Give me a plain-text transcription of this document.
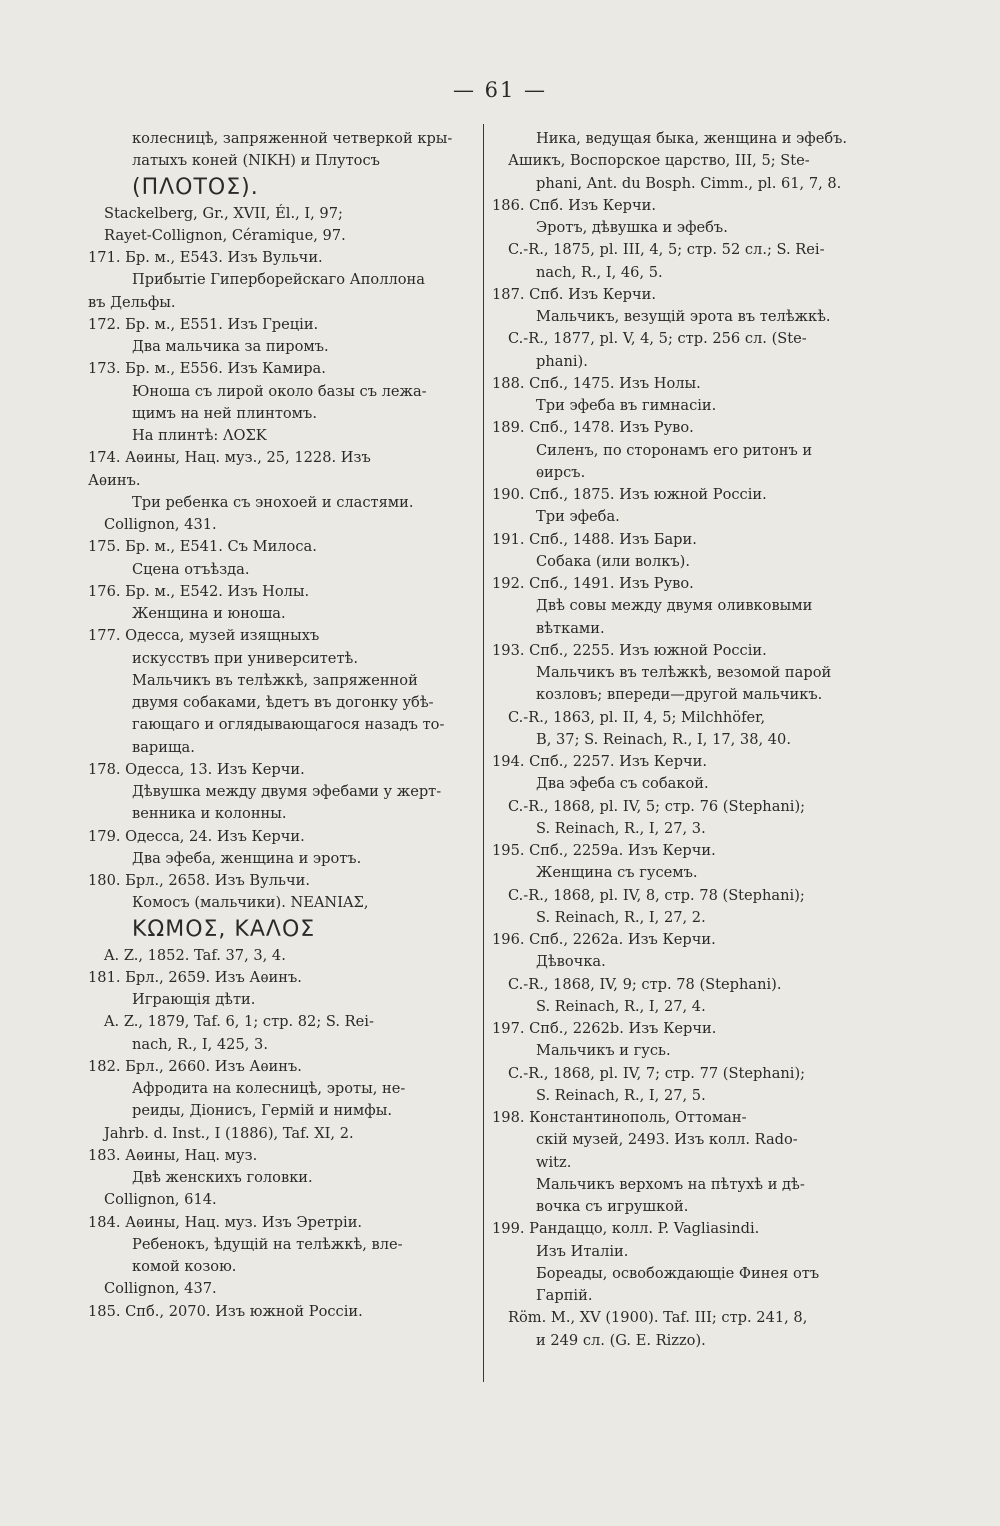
— 61 —
колесницѣ, запряженной четверкой кры-
латыхъ коней (ΝΙΚΗ) и Плутосъ
(ΠΛΟΤΟΣ).
Stackelberg, Gr., XVII, Él., I, 97;
Rayet-Collignon, Céramique, 97.
171. Бр. м., Е543. Изъ Вульчи.
Прибытіе Гиперборейскаго Аполлона
въ Дельфы.
172. Бр. м., Е551. Изъ Греціи.
Два мальчика за пиромъ.
173. Бр. м., Е556. Изъ Камира.
Юноша съ лирой около базы съ лежа-
щимъ на ней плинтомъ.
На плинтѣ: ΛΟΣΚ
174. Аѳины, Нац. муз., 25, 1228. Изъ
Аѳинъ.
Три ребенка съ энохоей и сластями.
Collignon, 431.
175. Бр. м., Е541. Съ Милоса.
Сцена отъѣзда.
176. Бр. м., Е542. Изъ Нолы.
Женщина и юноша.
177. Одесса, музей изящныхъ
искусствъ при университетѣ.
Мальчикъ въ телѣжкѣ, запряженной
двумя собаками, ѣдетъ въ догонку убѣ-
гающаго и оглядывающагося назадъ то-
варища.
178. Одесса, 13. Изъ Керчи.
Дѣвушка между двумя эфебами у жерт-
венника и колонны.
179. Одесса, 24. Изъ Керчи.
Два эфеба, женщина и эротъ.
180. Брл., 2658. Изъ Вульчи.
Комосъ (мальчики). ΝΕΑΝΙΑΣ,
ΚΩΜΟΣ, ΚΑΛΟΣ
A. Z., 1852. Taf. 37, 3, 4.
181. Брл., 2659. Изъ Аѳинъ.
Играющія дѣти.
A. Z., 1879, Taf. 6, 1; стр. 82; S. Rei-
nach, R., I, 425, 3.
182. Брл., 2660. Изъ Аѳинъ.
Афродита на колесницѣ, эроты, не-
реиды, Діонисъ, Гермій и нимфы.
Jahrb. d. Inst., I (1886), Taf. XI, 2.
183. Аѳины, Нац. муз.
Двѣ женскихъ головки.
Collignon, 614.
184. Аѳины, Нац. муз. Изъ Эретріи.
Ребенокъ, ѣдущій на телѣжкѣ, вле-
комой козою.
Collignon, 437.
185. Спб., 2070. Изъ южной Россіи.
Ника, ведущая быка, женщина и эфебъ.
Ашикъ, Воспорское царство, III, 5; Ste-
phani, Ant. du Bosph. Cimm., pl. 61, 7, 8.
186. Спб. Изъ Керчи.
Эротъ, дѣвушка и эфебъ.
C.-R., 1875, pl. III, 4, 5; стр. 52 сл.; S. Rei-
nach, R., I, 46, 5.
187. Спб. Изъ Керчи.
Мальчикъ, везущій эрота въ телѣжкѣ.
C.-R., 1877, pl. V, 4, 5; стр. 256 сл. (Ste-
phani).
188. Спб., 1475. Изъ Нолы.
Три эфеба въ гимнасіи.
189. Спб., 1478. Изъ Руво.
Силенъ, по сторонамъ его ритонъ и
ѳирсъ.
190. Спб., 1875. Изъ южной Россіи.
Три эфеба.
191. Спб., 1488. Изъ Бари.
Собака (или волкъ).
192. Спб., 1491. Изъ Руво.
Двѣ совы между двумя оливковыми
вѣтками.
193. Спб., 2255. Изъ южной Россіи.
Мальчикъ въ телѣжкѣ, везомой парой
козловъ; впереди—другой мальчикъ.
C.-R., 1863, pl. II, 4, 5; Milchhöfer,
B, 37; S. Reinach, R., I, 17, 38, 40.
194. Спб., 2257. Изъ Керчи.
Два эфеба съ собакой.
C.-R., 1868, pl. IV, 5; стр. 76 (Stephani);
S. Reinach, R., I, 27, 3.
195. Спб., 2259a. Изъ Керчи.
Женщина съ гусемъ.
C.-R., 1868, pl. IV, 8, стр. 78 (Stephani);
S. Reinach, R., I, 27, 2.
196. Спб., 2262a. Изъ Керчи.
Дѣвочка.
C.-R., 1868, IV, 9; стр. 78 (Stephani).
S. Reinach, R., I, 27, 4.
197. Спб., 2262b. Изъ Керчи.
Мальчикъ и гусь.
C.-R., 1868, pl. IV, 7; стр. 77 (Stephani);
S. Reinach, R., I, 27, 5.
198. Константинополь, Оттоман-
скій музей, 2493. Изъ колл. Rado-
witz.
Мальчикъ верхомъ на пѣтухѣ и дѣ-
вочка съ игрушкой.
199. Рандаццо, колл. P. Vagliasindi.
Изъ Италіи.
Бореады, освобождающіе Финея отъ
Гарпій.
Röm. M., XV (1900). Taf. III; стр. 241, 8,
и 249 сл. (G. E. Rizzo).
